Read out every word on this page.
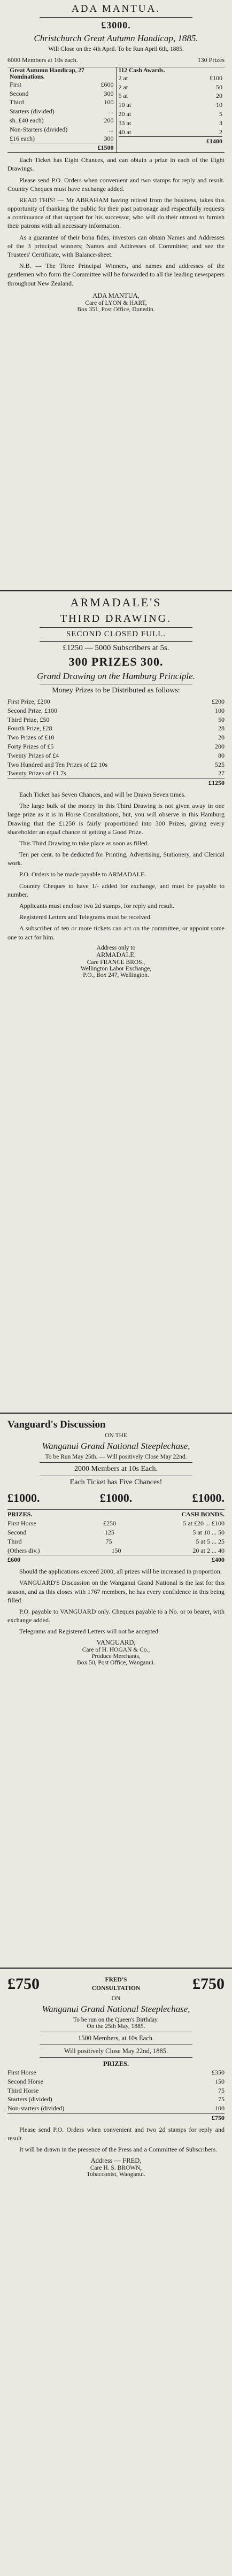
ADA MANTUA.
£3000.
Christchurch Great Autumn Handicap, 1885.
Will Close on the 4th April. To be Run April 6th, 1885.
6000 Members at 10s each.	130 Prizes
Great Autumn Handicap, 27 Nominations.
First	£600
Second	300
Third	100
Starters (divided)	...
sh. £40 each)	200
Non-Starters (divided)	...
£16 each)	300
£1500
112 Cash Awards.
2 at	£100
2 at	50
5 at	20
10 at	10
20 at	5
33 at	3
40 at	2
£1400
Each Ticket has Eight Chances, and can obtain a prize in each of the Eight Drawings.
Please send P.O. Orders when convenient and two stamps for reply and result. Country Cheques must have exchange added.
READ THIS! — Mr ABRAHAM having retired from the business, takes this opportunity of thanking the public for their past patronage and respectfully requests a continuance of that support for his successor, who will do their utmost to furnish their patrons with all necessary information.
As a guarantee of their bona fides, investors can obtain Names and Addresses of the 3 principal winners; Names and Addresses of Committee; and see the Trustees' Certificate, with Balance-sheet.
N.B. — The Three Principal Winners, and names and addresses of the gentlemen who form the Committee will be forwarded to all the leading newspapers throughout New Zealand.
ADA MANTUA,
Care of LYON & HART,
Box 351, Post Office, Dunedin.
ARMADALE'S
THIRD DRAWING.
SECOND CLOSED FULL.
£1250 — 5000 Subscribers at 5s.
300 PRIZES 300.
Grand Drawing on the Hamburg Principle.
Money Prizes to be Distributed as follows:
First Prize, £200	£200
Second Prize, £100	100
Third Prize, £50	50
Fourth Prize, £28	28
Two Prizes of £10	20
Forty Prizes of £5	200
Twenty Prizes of £4	80
Two Hundred and Ten Prizes of £2 10s	525
Twenty Prizes of £1 7s	27
£1250
Each Ticket has Seven Chances, and will be Drawn Seven times.
The large bulk of the money in this Third Drawing is not given away in one large prize as it is in Horse Consultations, but, you will observe in this Hamburg Drawing that the £1250 is fairly proportioned into 300 Prizes, giving every shareholder an equal chance of getting a Good Prize.
This Third Drawing to take place as soon as filled.
Ten per cent. to be deducted for Printing, Advertising, Stationery, and Clerical work.
P.O. Orders to be made payable to ARMADALE.
Country Cheques to have 1/- added for exchange, and must be payable to number.
Applicants must enclose two 2d stamps, for reply and result.
Registered Letters and Telegrams must be received.
A subscriber of ten or more tickets can act on the committee, or appoint some one to act for him.
Address only to
ARMADALE,
Care FRANCE BROS.,
Wellington Labor Exchange,
P.O., Box 247, Wellington.
Vanguard's Discussion
ON THE
Wanganui Grand National Steeplechase,
To be Run May 25th. — Will positively Close May 22nd.
2000 Members at 10s Each.
Each Ticket has Five Chances!
£1000.	£1000.	£1000.
PRIZES.	CASH BONDS.
First Horse	£250	5 at £20 ... £100
Second	125	5 at 10 ... 50
Third	75	5 at 5 ... 25
(Others div.)	150	20 at 2 ... 40
£600	£400
Should the applications exceed 2000, all prizes will be increased in proportion.
VANGUARD'S Discussion on the Wanganui Grand National is the last for this season, and as this closes with 1767 members, he has every confidence in this being filled.
P.O. payable to VANGUARD only. Cheques payable to a No. or to bearer, with exchange added.
Telegrams and Registered Letters will not be accepted.
VANGUARD,
Care of H. HOGAN & Co.,
Produce Merchants,
Box 50, Post Office, Wanganui.
£750	FRED'S CONSULTATION	£750
ON
Wanganui Grand National Steeplechase,
To be run on the Queen's Birthday.
On the 25th May, 1885.
1500 Members, at 10s Each.
Will positively Close May 22nd, 1885.
PRIZES.
First Horse	£350
Second Horse	150
Third Horse	75
Starters (divided)	75
Non-starters (divided)	100
£750
Please send P.O. Orders when convenient and two 2d stamps for reply and result.
It will be drawn in the presence of the Press and a Committee of Subscribers.
Address — FRED,
Care H. S. BROWN,
Tobacconist, Wanganui.
